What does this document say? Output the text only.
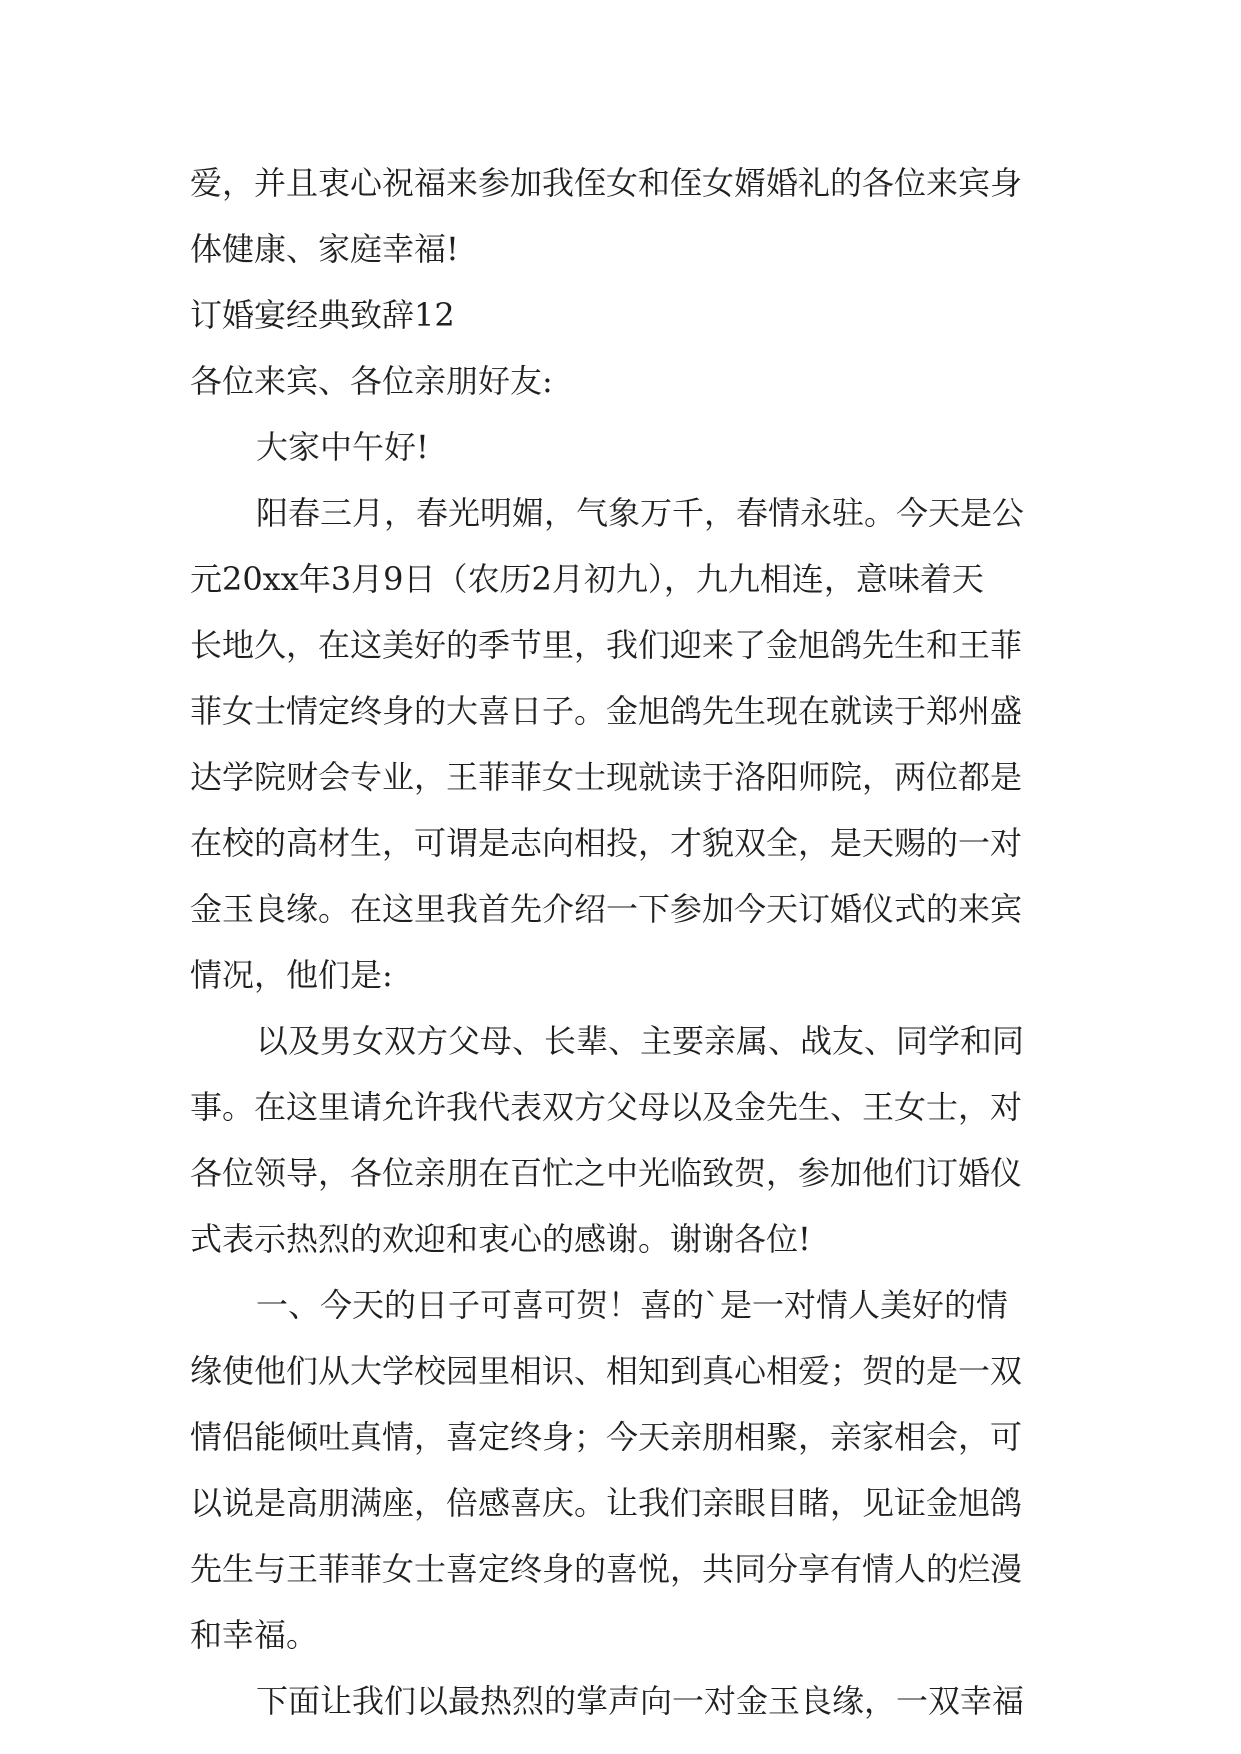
爱，并且衷心祝福来参加我侄女和侄女婿婚礼的各位来宾身
体健康、家庭幸福!
订婚宴经典致辞12
各位来宾、各位亲朋好友:
大家中午好!
阳春三月，春光明媚，气象万千，春情永驻。今天是公
元20xx年3月9日（农历2月初九），九九相连，意味着天
长地久，在这美好的季节里，我们迎来了金旭鸽先生和王菲
菲女士情定终身的大喜日子。金旭鸽先生现在就读于郑州盛
达学院财会专业，王菲菲女士现就读于洛阳师院，两位都是
在校的高材生，可谓是志向相投，才貌双全，是天赐的一对
金玉良缘。在这里我首先介绍一下参加今天订婚仪式的来宾
情况，他们是:
以及男女双方父母、长辈、主要亲属、战友、同学和同
事。在这里请允许我代表双方父母以及金先生、王女士，对
各位领导，各位亲朋在百忙之中光临致贺，参加他们订婚仪
式表示热烈的欢迎和衷心的感谢。谢谢各位!
一、今天的日子可喜可贺！喜的`是一对情人美好的情
缘使他们从大学校园里相识、相知到真心相爱；贺的是一双
情侣能倾吐真情，喜定终身；今天亲朋相聚，亲家相会，可
以说是高朋满座，倍感喜庆。让我们亲眼目睹，见证金旭鸽
先生与王菲菲女士喜定终身的喜悦，共同分享有情人的烂漫
和幸福。
下面让我们以最热烈的掌声向一对金玉良缘，一双幸福
